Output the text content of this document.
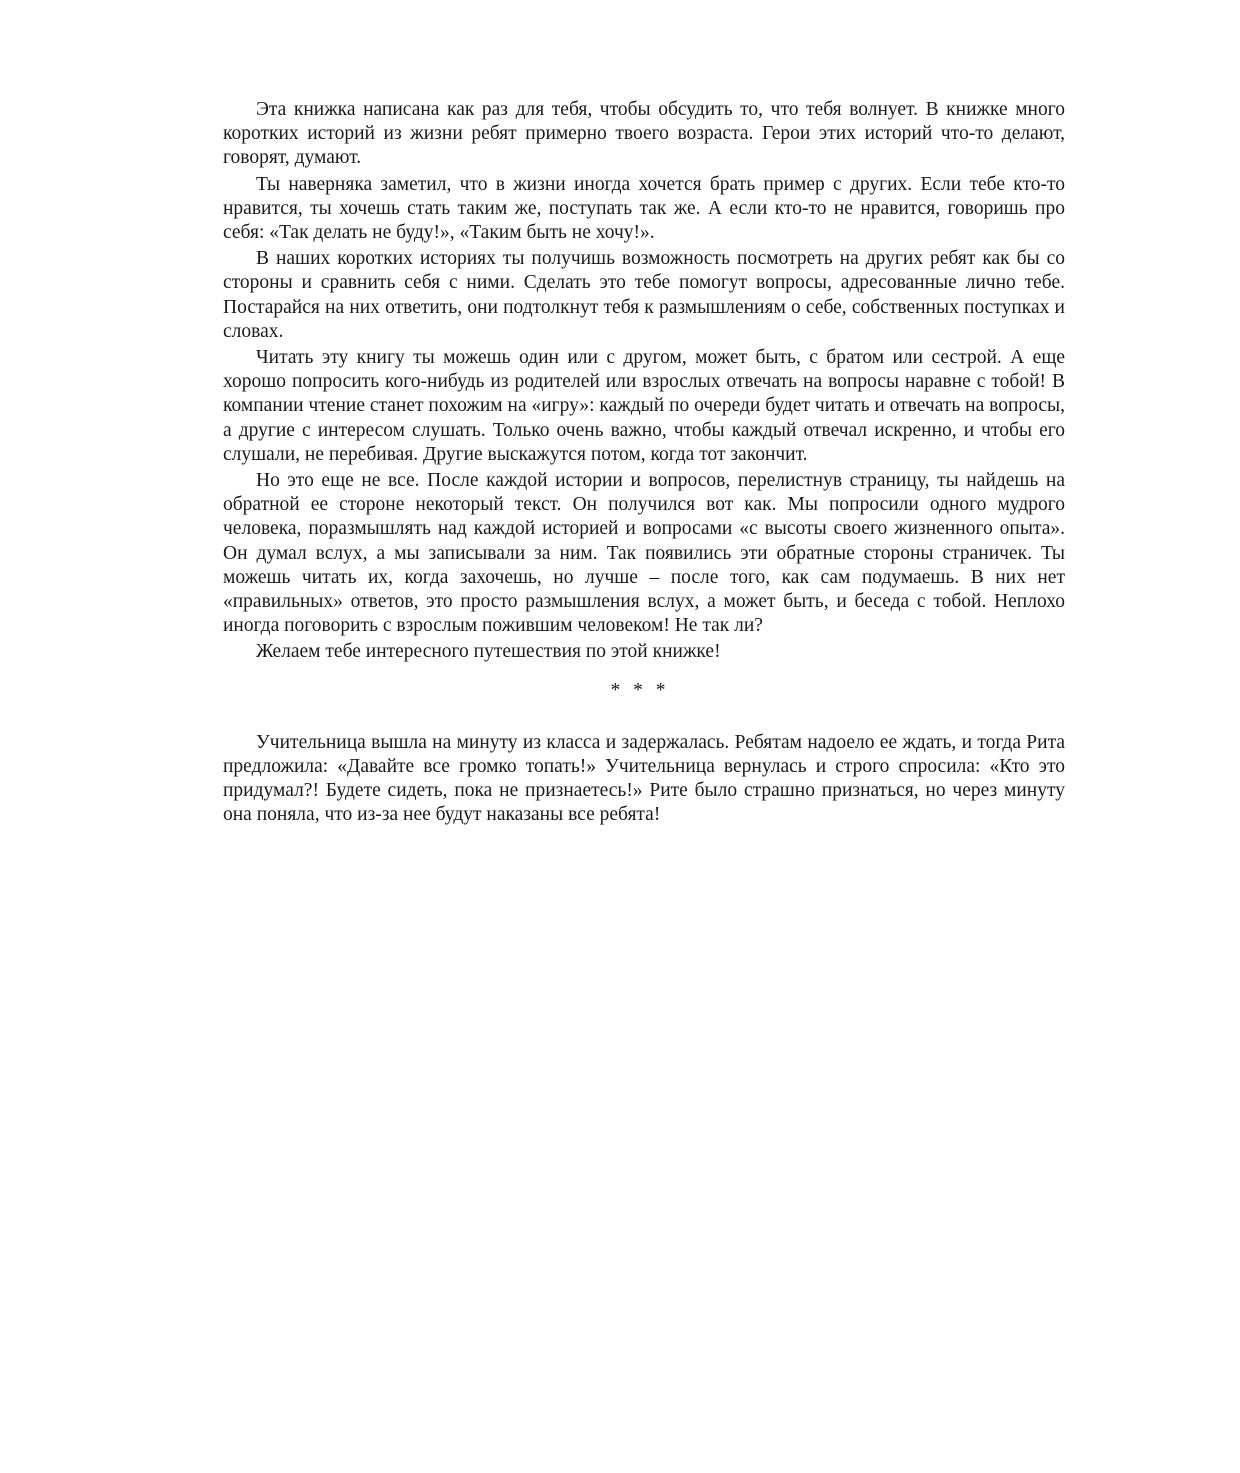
Эта книжка написана как раз для тебя, чтобы обсудить то, что тебя волнует. В книжке много коротких историй из жизни ребят примерно твоего возраста. Герои этих историй что-то делают, говорят, думают.

Ты наверняка заметил, что в жизни иногда хочется брать пример с других. Если тебе кто-то нравится, ты хочешь стать таким же, поступать так же. А если кто-то не нравится, говоришь про себя: «Так делать не буду!», «Таким быть не хочу!».

В наших коротких историях ты получишь возможность посмотреть на других ребят как бы со стороны и сравнить себя с ними. Сделать это тебе помогут вопросы, адресованные лично тебе. Постарайся на них ответить, они подтолкнут тебя к размышлениям о себе, собственных поступках и словах.

Читать эту книгу ты можешь один или с другом, может быть, с братом или сестрой. А еще хорошо попросить кого-нибудь из родителей или взрослых отвечать на вопросы наравне с тобой! В компании чтение станет похожим на «игру»: каждый по очереди будет читать и отвечать на вопросы, а другие с интересом слушать. Только очень важно, чтобы каждый отвечал искренно, и чтобы его слушали, не перебивая. Другие выскажутся потом, когда тот закончит.

Но это еще не все. После каждой истории и вопросов, перелистнув страницу, ты найдешь на обратной ее стороне некоторый текст. Он получился вот как. Мы попросили одного мудрого человека, поразмышлять над каждой историей и вопросами «с высоты своего жизненного опыта». Он думал вслух, а мы записывали за ним. Так появились эти обратные стороны страничек. Ты можешь читать их, когда захочешь, но лучше – после того, как сам подумаешь. В них нет «правильных» ответов, это просто размышления вслух, а может быть, и беседа с тобой. Неплохо иногда поговорить с взрослым пожившим человеком! Не так ли?

Желаем тебе интересного путешествия по этой книжке!

* * *

Учительница вышла на минуту из класса и задержалась. Ребятам надоело ее ждать, и тогда Рита предложила: «Давайте все громко топать!» Учительница вернулась и строго спросила: «Кто это придумал?! Будете сидеть, пока не признаетесь!» Рите было страшно признаться, но через минуту она поняла, что из-за нее будут наказаны все ребята!
